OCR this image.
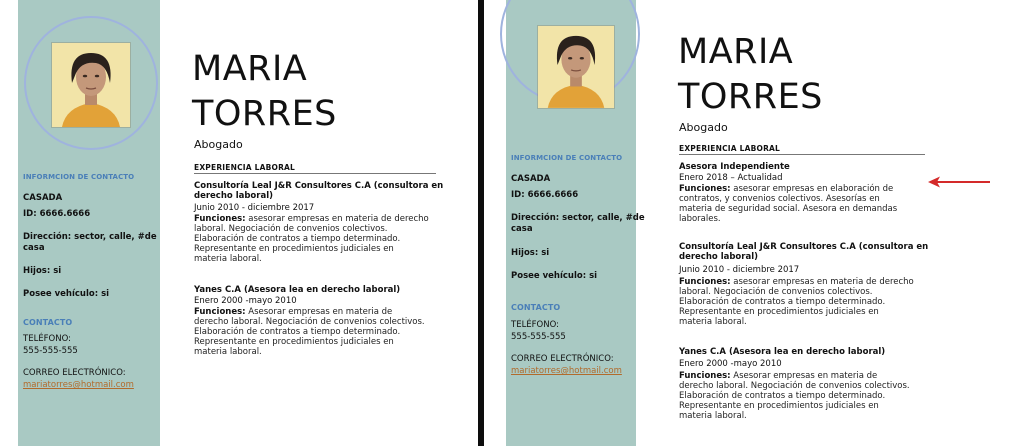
INFORMCION DE CONTACTO
CASADA
ID: 6666.6666
Dirección: sector, calle, #de
casa
Hijos: si
Posee vehículo: si
CONTACTO
TELÉFONO:
555-555-555
CORREO ELECTRÓNICO:
mariatorres@hotmail.com
MARIA
TORRES
Abogado
EXPERIENCIA LABORAL
Consultoría Leal J&R Consultores C.A (consultora en derecho laboral)
Junio 2010 - diciembre 2017
Funciones: asesorar empresas en materia de derecho laboral. Negociación de convenios colectivos. Elaboración de contratos a tiempo determinado. Representante en procedimientos judiciales en materia laboral.
Yanes C.A (Asesora lea en derecho laboral)
Enero 2000 -mayo 2010
Funciones: Asesorar empresas en materia de derecho laboral. Negociación de convenios colectivos. Elaboración de contratos a tiempo determinado. Representante en procedimientos judiciales en materia laboral.
INFORMCION DE CONTACTO
CASADA
ID: 6666.6666
Dirección: sector, calle, #de
casa
Hijos: si
Posee vehículo: si
CONTACTO
TELÉFONO:
555-555-555
CORREO ELECTRÓNICO:
mariatorres@hotmail.com
MARIA
TORRES
Abogado
EXPERIENCIA LABORAL
Asesora Independiente
Enero 2018 – Actualidad
Funciones: asesorar empresas en elaboración de contratos, y convenios colectivos. Asesorías en materia de seguridad social. Asesora en demandas laborales.
Consultoría Leal J&R Consultores C.A (consultora en derecho laboral)
Junio 2010 - diciembre 2017
Funciones: asesorar empresas en materia de derecho laboral. Negociación de convenios colectivos. Elaboración de contratos a tiempo determinado. Representante en procedimientos judiciales en materia laboral.
Yanes C.A (Asesora lea en derecho laboral)
Enero 2000 -mayo 2010
Funciones: Asesorar empresas en materia de derecho laboral. Negociación de convenios colectivos. Elaboración de contratos a tiempo determinado. Representante en procedimientos judiciales en materia laboral.
